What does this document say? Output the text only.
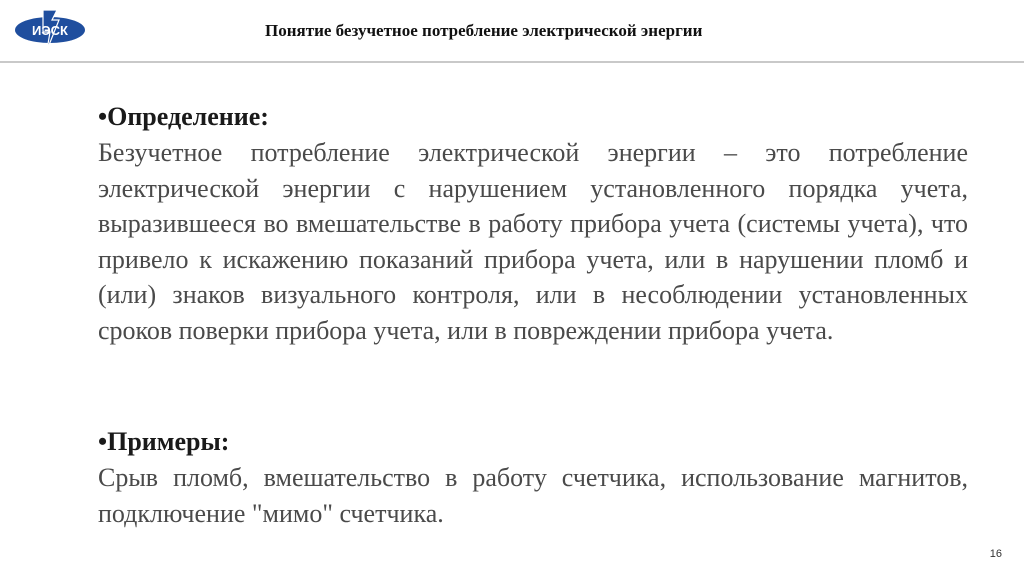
ИЭСК	Понятие безучетное потребление электрической энергии
•Определение:
Безучетное потребление электрической энергии – это потребление электрической энергии с нарушением установленного порядка учета, выразившееся во вмешательстве в работу прибора учета (системы учета), что привело к искажению показаний прибора учета, или в нарушении пломб и (или) знаков визуального контроля, или в несоблюдении установленных сроков поверки прибора учета, или в повреждении прибора учета.
•Примеры:
Срыв пломб, вмешательство в работу счетчика, использование магнитов, подключение "мимо" счетчика.
16
